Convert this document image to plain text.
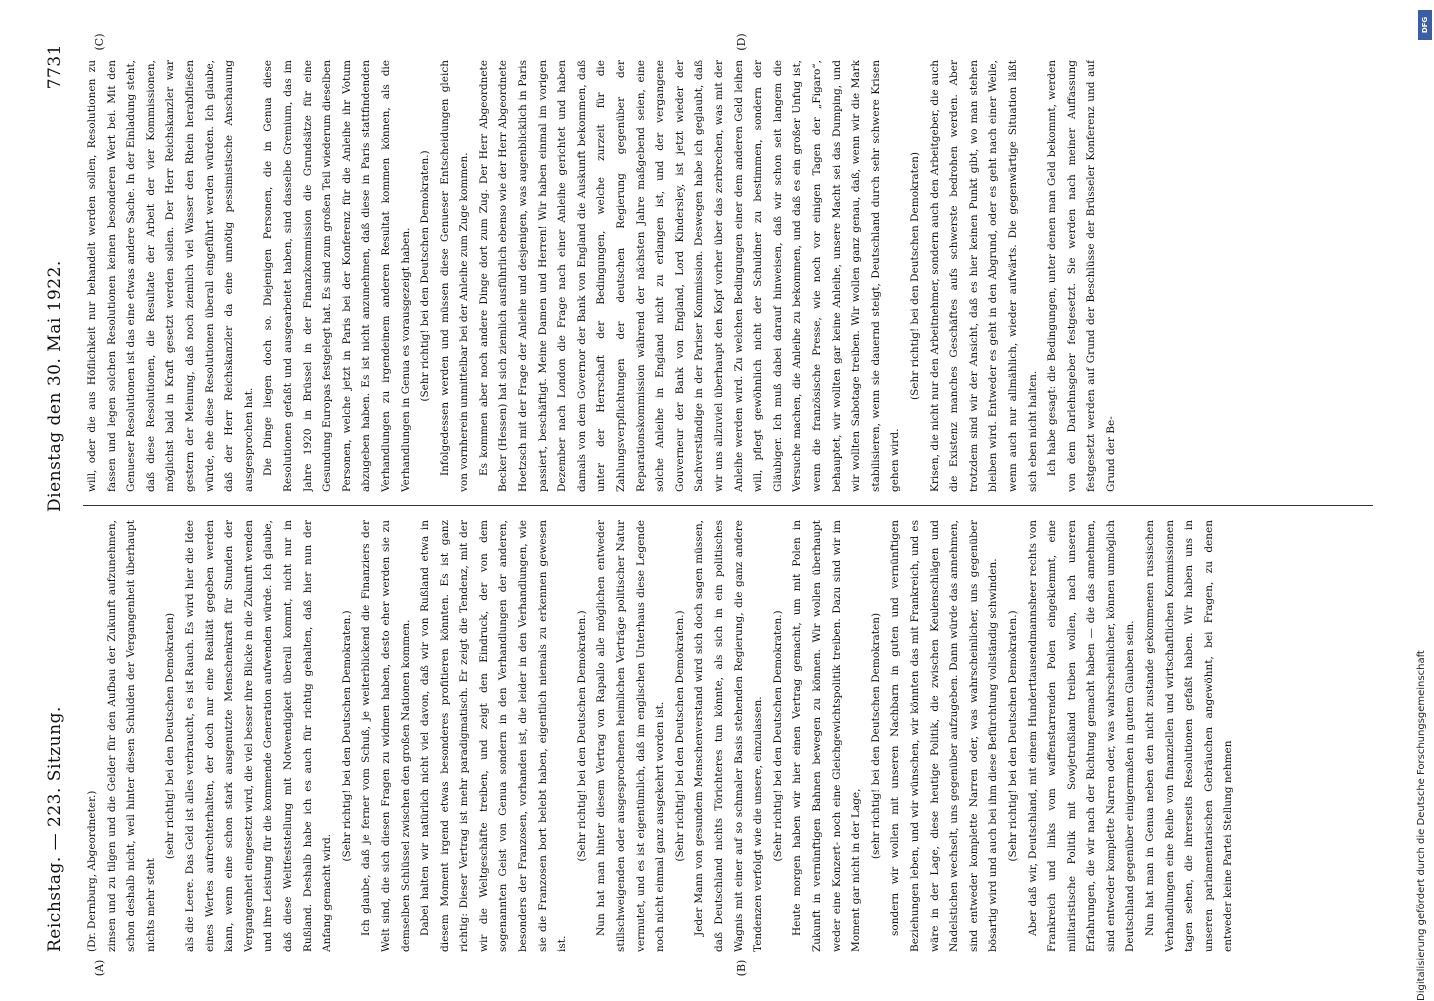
Reichstag. — 223. Sitzung.
Dienstag den 30. Mai 1922.
7731
(A)	(B)
(C)	(D)

(Dr. Dernburg, Abgeordneter.) zinsen und zu tilgen und die Gelder für den Aufbau der Zukunft aufzunehmen, schon deshalb nicht, weil hinter diesen Schulden der Vergangenheit überhaupt nichts mehr steht

(sehr richtig! bei den Deutschen Demokraten) als die Leere. Das Geld ist alles verbraucht, es ist Rauch. Es wird hier die Idee eines Wertes aufrechterhalten, der doch nur eine Realität gegeben werden kann, wenn eine schon stark ausgenutzte Menschenkraft für Stunden der Vergangenheit eingesetzt wird, die viel besser ihre Blicke in die Zukunft wenden und ihre Leistung für die kommende Generation aufwenden würde. Ich glaube, daß diese Weltfeststellung mit Notwendigkeit überall kommt, nicht nur in Rußland. Deshalb habe ich es auch für richtig gehalten, daß hier nun der Anfang gemacht wird.

(Sehr richtig! bei den Deutschen Demokraten.) Ich glaube, daß je ferner vom Schuß, je weiterblickend die Finanziers der Welt sind, die sich diesen Fragen zu widmen haben, desto eher werden sie zu demselben Schlüssel zwischen den großen Nationen kommen. Dabei halten wir natürlich nicht viel davon, daß wir von Rußland etwa in diesem Moment irgend etwas besonderes profitieren könnten. Es ist ganz richtig: Dieser Vertrag ist mehr paradigmatisch. Er zeigt die Tendenz, mit der wir die Weltgeschäfte treiben, und zeigt den Eindruck, der von dem sogenannten Geist von Genua sondern in den Verhandlungen der anderen, besonders der Franzosen, vorhanden ist, die leider in den Verhandlungen, wie sie die Franzosen bort belebt haben, eigentlich niemals zu erkennen gewesen ist.

(Sehr richtig! bei den Deutschen Demokraten.) Nun hat man hinter diesem Vertrag von Rapallo alle möglichen entweder stillschweigenden oder ausgesprochenen heimlichen Verträge politischer Natur vermutet, und es ist eigentümlich, daß im englischen Unterhaus diese Legende noch nicht einmal ganz ausgekehrt worden ist. (Sehr richtig! bei den Deutschen Demokraten.) Jeder Mann von gesundem Menschenverstand wird sich doch sagen müssen, daß Deutschland nichts Törichteres tun könnte, als sich in ein politisches Wagnis mit einer auf so schmaler Basis stehenden Regierung, die ganz andere Tendenzen verfolgt wie die unsere, einzulassen. (Sehr richtig! bei den Deutschen Demokraten.) Heute morgen haben wir hier einen Vertrag gemacht, um mit Polen in Zukunft in vernünftigen Bahnen bewegen zu können. Wir wollen überhaupt weder eine Konzert- noch eine Gleichgewichtspolitik treiben. Dazu sind wir im Moment gar nicht in der Lage,

(sehr richtig! bei den Deutschen Demokraten) sondern wir wollen mit unseren Nachbarn in guten und vernünftigen Beziehungen leben, und wir wünschen, wir könnten das mit Frankreich, und es wäre in der Lage, diese heutige Politik, die zwischen Keulenschlägen und Nadelstichen wechselt, uns gegenüber aufzugeben. Dann würde das annehmen, sind entweder komplette Narren oder, was wahrscheinlicher, uns gegenüber bösartig wird und auch bei ihm diese Befürchtung vollständig schwinden. (Sehr richtig! bei den Deutschen Demokraten.) Aber daß wir, Deutschland, mit einem Hunderttausendmannsheer rechts von Frankreich und links vom waffenstarrenden Polen eingeklemmt, eine militaristische Politik mit Sowjetrußland treiben wollen, nach unseren Erfahrungen, die wir nach der Richtung gemacht haben — die das annehmen, sind entweder komplette Narren oder, was wahrscheinlicher, können unmöglich Deutschland gegenüber einigermaßen in gutem Glauben sein. Nun hat man in Genua neben den nicht zustande gekommenen russischen Verhandlungen eine Reihe von finanziellen und wirtschaftlichen Kommissionen tagen sehen, die ihrerseits Resolutionen gefaßt haben. Wir haben uns in unseren parlamentarischen Gebräuchen angewöhnt, bei Fragen, zu denen entweder keine Partei Stellung nehmen

will, oder die aus Höflichkeit nur behandelt werden sollen, Resolutionen zu fassen und legen solchen Resolutionen keinen besonderen Wert bei. Mit den Genueser Resolutionen ist das eine etwas andere Sache. In der Einladung steht, daß diese Resolutionen, die Resultate der Arbeit der vier Kommissionen, möglichst bald in Kraft gesetzt werden sollen. Der Herr Reichskanzler war gestern der Meinung, daß noch ziemlich viel Wasser den Rhein herabfließen würde, ehe diese Resolutionen überall eingeführt werden würden. Ich glaube, daß der Herr Reichskanzler da eine unnötig pessimistische Anschauung ausgesprochen hat. Die Dinge liegen doch so. Diejenigen Personen, die in Genua diese Resolutionen gefaßt und ausgearbeitet haben, sind dasselbe Gremium, das im Jahre 1920 in Brüssel in der Finanzkommission die Grundsätze für eine Gesundung Europas festgelegt hat. Es sind zum großen Teil wiederum dieselben Personen, welche jetzt in Paris bei der Konferenz für die Anleihe ihr Votum abzugeben haben. Es ist nicht anzunehmen, daß diese in Paris stattfindenden Verhandlungen zu irgendeinem anderen Resultat kommen können, als die Verhandlungen in Genua es vorausgezeigt haben. (Sehr richtig! bei den Deutschen Demokraten.) Infolgedessen werden und müssen diese Genueser Entscheidungen gleich von vornherein unmittelbar bei der Anleihe zum Zuge kommen. Es kommen aber noch andere Dinge dort zum Zug. Der Herr Abgeordnete Becker (Hessen) hat sich ziemlich ausführlich ebenso wie der Herr Abgeordnete Hoetzsch mit der Frage der Anleihe und desjenigen, was augenblicklich in Paris passiert, beschäftigt. Meine Damen und Herren! Wir haben einmal im vorigen Dezember nach London die Frage nach einer Anleihe gerichtet und haben damals von dem Governor der Bank von England die Auskunft bekommen, daß unter der Herrschaft der Bedingungen, welche zurzeit für die Zahlungsverpflichtungen der deutschen Regierung gegenüber der Reparationskommission während der nächsten Jahre maßgebend seien, eine solche Anleihe in England nicht zu erlangen ist, und der vergangene Gouverneur der Bank von England, Lord Kindersley, ist jetzt wieder der Sachverständige in der Pariser Kommission. Deswegen habe ich geglaubt, daß wir uns allzuviel überhaupt den Kopf vorher über das zerbrechen, was mit der Anleihe werden wird. Zu welchen Bedingungen einer dem anderen Geld leihen will, pflegt gewöhnlich nicht der Schuldner zu bestimmen, sondern der Gläubiger. Ich muß dabei darauf hinweisen, daß wir schon seit langem die Versuche machen, die Anleihe zu bekommen, und daß es ein großer Unfug ist, wenn die französische Presse, wie noch vor einigen Tagen der „Figaro“, behauptet, wir wollten gar keine Anleihe, unsere Macht sei das Dumping, und wir wollten Sabotage treiben. Wir wollen ganz genau, daß, wenn wir die Mark stabilisieren, wenn sie dauernd steigt, Deutschland durch sehr schwere Krisen gehen wird.

(Sehr richtig! bei den Deutschen Demokraten) Krisen, die nicht nur den Arbeitnehmer, sondern auch den Arbeitgeber, die auch die Existenz manches Geschäftes aufs schwerste bedrohen werden. Aber trotzdem sind wir der Ansicht, daß es hier keinen Punkt gibt, wo man stehen bleiben wird. Entweder es geht in den Abgrund, oder es geht nach einer Weile, wenn auch nur allmählich, wieder aufwärts. Die gegenwärtige Situation läßt sich eben nicht halten. Ich habe gesagt: die Bedingungen, unter denen man Geld bekommt, werden von dem Darlehnsgeber festgesetzt. Sie werden nach meiner Auffassung festgesetzt werden auf Grund der Beschlüsse der Brüsseler Konferenz und auf Grund der Be-

DFG
Digitalisierung gefördert durch die Deutsche Forschungsgemeinschaft
